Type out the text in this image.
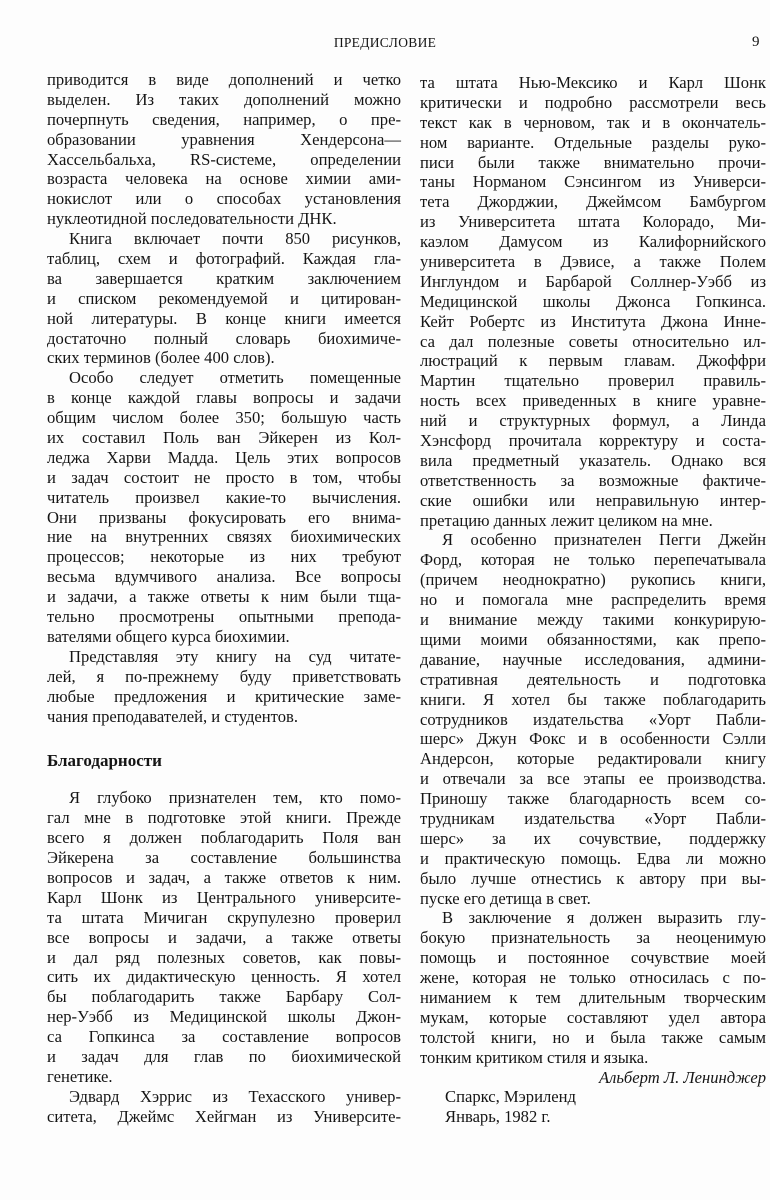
ПРЕДИСЛОВИЕ	9
приводится в виде дополнений и четко
выделен. Из таких дополнений можно
почерпнуть сведения, например, о пре-
образовании уравнения Хендерсона—
Хассельбальха, RS-системе, определении
возраста человека на основе химии ами-
нокислот или о способах установления
нуклеотидной последовательности ДНК.
Книга включает почти 850 рисунков,
таблиц, схем и фотографий. Каждая гла-
ва завершается кратким заключением
и списком рекомендуемой и цитирован-
ной литературы. В конце книги имеется
достаточно полный словарь биохимиче-
ских терминов (более 400 слов).
Особо следует отметить помещенные
в конце каждой главы вопросы и задачи
общим числом более 350; большую часть
их составил Поль ван Эйкерен из Кол-
леджа Харви Мадда. Цель этих вопросов
и задач состоит не просто в том, чтобы
читатель произвел какие-то вычисления.
Они призваны фокусировать его внима-
ние на внутренних связях биохимических
процессов; некоторые из них требуют
весьма вдумчивого анализа. Все вопросы
и задачи, а также ответы к ним были тща-
тельно просмотрены опытными препода-
вателями общего курса биохимии.
Представляя эту книгу на суд читате-
лей, я по-прежнему буду приветствовать
любые предложения и критические заме-
чания преподавателей, и студентов.
Благодарности
Я глубоко признателен тем, кто помо-
гал мне в подготовке этой книги. Прежде
всего я должен поблагодарить Поля ван
Эйкерена за составление большинства
вопросов и задач, а также ответов к ним.
Карл Шонк из Центрального университе-
та штата Мичиган скрупулезно проверил
все вопросы и задачи, а также ответы
и дал ряд полезных советов, как повы-
сить их дидактическую ценность. Я хотел
бы поблагодарить также Барбару Сол-
нер-Уэбб из Медицинской школы Джон-
са Гопкинса за составление вопросов
и задач для глав по биохимической
генетике.
Эдвард Хэррис из Техасского универ-
ситета, Джеймс Хейгман из Университе-
та штата Нью-Мексико и Карл Шонк
критически и подробно рассмотрели весь
текст как в черновом, так и в окончатель-
ном варианте. Отдельные разделы руко-
писи были также внимательно прочи-
таны Норманом Сэнсингом из Универси-
тета Джорджии, Джеймсом Бамбургом
из Университета штата Колорадо, Ми-
каэлом Дамусом из Калифорнийского
университета в Дэвисе, а также Полем
Инглундом и Барбарой Соллнер-Уэбб из
Медицинской школы Джонса Гопкинса.
Кейт Робертс из Института Джона Инне-
са дал полезные советы относительно ил-
люстраций к первым главам. Джоффри
Мартин тщательно проверил правиль-
ность всех приведенных в книге уравне-
ний и структурных формул, а Линда
Хэнсфорд прочитала корректуру и соста-
вила предметный указатель. Однако вся
ответственность за возможные фактиче-
ские ошибки или неправильную интер-
претацию данных лежит целиком на мне.
Я особенно признателен Пегги Джейн
Форд, которая не только перепечатывала
(причем неоднократно) рукопись книги,
но и помогала мне распределить время
и внимание между такими конкурирую-
щими моими обязанностями, как препо-
давание, научные исследования, админи-
стративная деятельность и подготовка
книги. Я хотел бы также поблагодарить
сотрудников издательства «Уорт Пабли-
шерс» Джун Фокс и в особенности Сэлли
Андерсон, которые редактировали книгу
и отвечали за все этапы ее производства.
Приношу также благодарность всем со-
трудникам издательства «Уорт Пабли-
шерс» за их сочувствие, поддержку
и практическую помощь. Едва ли можно
было лучше отнестись к автору при вы-
пуске его детища в свет.
В заключение я должен выразить глу-
бокую признательность за неоценимую
помощь и постоянное сочувствие моей
жене, которая не только относилась с по-
ниманием к тем длительным творческим
мукам, которые составляют удел автора
толстой книги, но и была также самым
тонким критиком стиля и языка.
Альберт Л. Ленинджер
Спаркс, Мэриленд
Январь, 1982 г.
